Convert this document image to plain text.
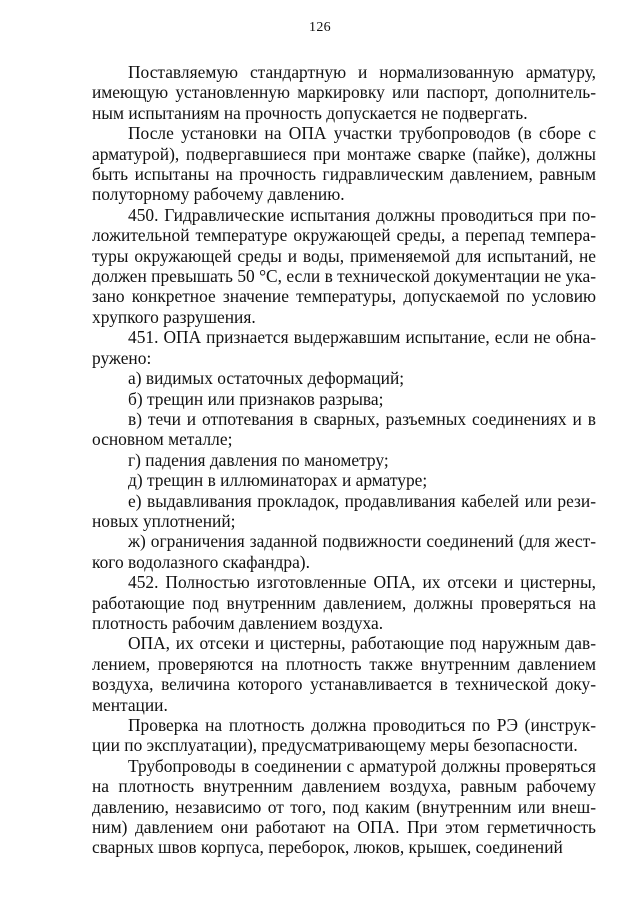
126

Поставляемую стандартную и нормализованную арматуру, имеющую установленную маркировку или паспорт, дополнительным испытаниям на прочность допускается не подвергать.

После установки на ОПА участки трубопроводов (в сборе с арматурой), подвергавшиеся при монтаже сварке (пайке), должны быть испытаны на прочность гидравлическим давлением, равным полуторному рабочему давлению.

450. Гидравлические испытания должны проводиться при положительной температуре окружающей среды, а перепад температуры окружающей среды и воды, применяемой для испытаний, не должен превышать 50 °С, если в технической документации не указано конкретное значение температуры, допускаемой по условию хрупкого разрушения.

451. ОПА признается выдержавшим испытание, если не обнаружено:

а) видимых остаточных деформаций;

б) трещин или признаков разрыва;

в) течи и отпотевания в сварных, разъемных соединениях и в основном металле;

г) падения давления по манометру;

д) трещин в иллюминаторах и арматуре;

е) выдавливания прокладок, продавливания кабелей или резиновых уплотнений;

ж) ограничения заданной подвижности соединений (для жесткого водолазного скафандра).

452. Полностью изготовленные ОПА, их отсеки и цистерны, работающие под внутренним давлением, должны проверяться на плотность рабочим давлением воздуха.

ОПА, их отсеки и цистерны, работающие под наружным давлением, проверяются на плотность также внутренним давлением воздуха, величина которого устанавливается в технической документации.

Проверка на плотность должна проводиться по РЭ (инструкции по эксплуатации), предусматривающему меры безопасности.

Трубопроводы в соединении с арматурой должны проверяться на плотность внутренним давлением воздуха, равным рабочему давлению, независимо от того, под каким (внутренним или внешним) давлением они работают на ОПА. При этом герметичность сварных швов корпуса, переборок, люков, крышек, соединений
